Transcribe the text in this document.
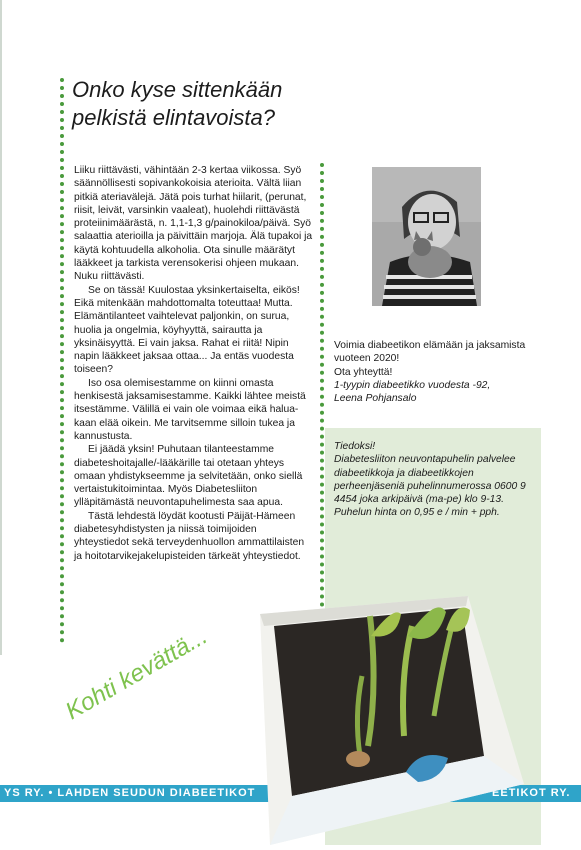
Onko kyse sittenkään pelkistä elintavoista?

Liiku riittävästi, vähintään 2-3 kertaa viikossa. Syö säännöllisesti sopivankokoisia aterioita. Vältä liian pitkiä ateriavälejä. Jätä pois turhat hiilarit, (perunat, riisit, leivät, varsinkin vaaleat), huolehdi riittävästä proteiinimäärästä, n. 1,1-1,3 g/painokiloa/päivä. Syö salaattia aterioilla ja päivittäin marjoja. Älä tupakoi ja käytä kohtuudella alkoholia. Ota sinulle määrätyt lääkkeet ja tarkista verensokerisi ohjeen mukaan. Nuku riittävästi.

Se on tässä! Kuulostaa yksinkertaiselta, eikös! Eikä mitenkään mahdottomalta toteuttaa! Mutta. Elämäntilanteet vaihtelevat paljonkin, on surua, huolia ja ongelmia, köyhyyttä, sairautta ja yksinäisyyttä. Ei vain jaksa. Rahat ei riitä! Nipin napin lääkkeet jaksaa ottaa... Ja entäs vuodesta toiseen?

Iso osa olemisestamme on kiinni omasta henkisestä jaksamisestamme. Kaikki lähtee meistä itsestämme. Välillä ei vain ole voimaa eikä haluakaan elää oikein. Me tarvitsemme silloin tukea ja kannustusta.

Ei jäädä yksin! Puhutaan tilanteestamme diabeteshoitajalle/-lääkärille tai otetaan yhteys omaan yhdistykseemme ja selvitetään, onko siellä vertaistukitoimintaa. Myös Diabetesliiton ylläpitämästä neuvontapuhelimesta saa apua.

Tästä lehdestä löydät kootusti Päijät-Hämeen diabetesyhdistysten ja niissä toimijoiden yhteystiedot sekä terveydenhuollon ammattilaisten ja hoitotarvikejakelupisteiden tärkeät yhteystiedot.

Voimia diabeetikon elämään ja jaksamista vuoteen 2020!
Ota yhteyttä!
1-tyypin diabeetikko vuodesta -92,
Leena Pohjansalo
Tiedoksi!
Diabetesliiton neuvontapuhelin palvelee diabeetikkoja ja diabeetikkojen perheenjäseniä puhelinnumerossa 0600 9 4454 joka arkipäivä (ma-pe) klo 9-13. Puhelun hinta on 0,95 e / min + pph.
YS RY. • LAHDEN SEUDUN DIABEETIKOT	EETIKOT RY.
Kohti kevättä...
